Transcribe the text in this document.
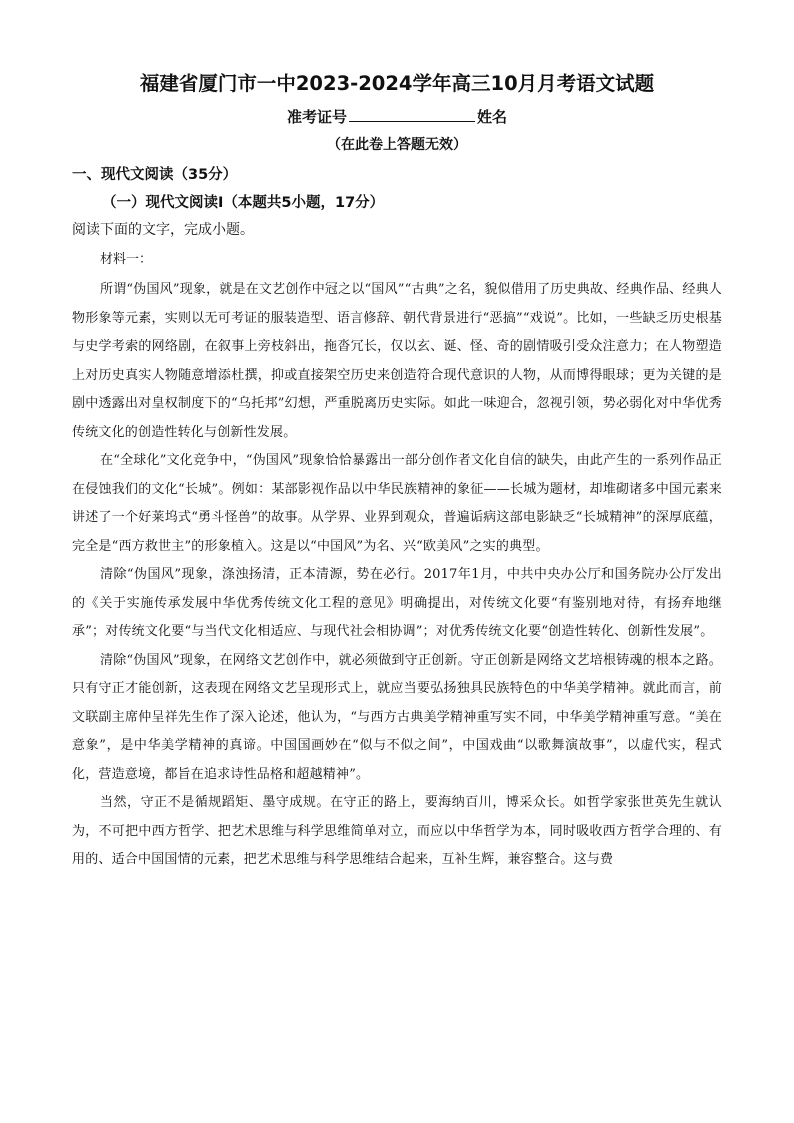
福建省厦门市一中2023-2024学年高三10月月考语文试题
准考证号	姓名
（在此卷上答题无效）
一、现代文阅读（35分）
（一）现代文阅读I（本题共5小题，17分）
阅读下面的文字，完成小题。
材料一：

所谓“伪国风”现象，就是在文艺创作中冠之以“国风”“古典”之名，貌似借用了历史典故、经典作品、经典人物形象等元素，实则以无可考证的服装造型、语言修辞、朝代背景进行“恶搞”“戏说”。比如，一些缺乏历史根基与史学考索的网络剧，在叙事上旁枝斜出，拖沓冗长，仅以玄、诞、怪、奇的剧情吸引受众注意力；在人物塑造上对历史真实人物随意增添杜撰，抑或直接架空历史来创造符合现代意识的人物，从而博得眼球；更为关键的是剧中透露出对皇权制度下的“乌托邦”幻想，严重脱离历史实际。如此一味迎合，忽视引领，势必弱化对中华优秀传统文化的创造性转化与创新性发展。

在“全球化”文化竞争中，“伪国风”现象恰恰暴露出一部分创作者文化自信的缺失，由此产生的一系列作品正在侵蚀我们的文化“长城”。例如：某部影视作品以中华民族精神的象征——长城为题材，却堆砌诸多中国元素来讲述了一个好莱坞式“勇斗怪兽”的故事。从学界、业界到观众，普遍诟病这部电影缺乏“长城精神”的深厚底蕴，完全是“西方救世主”的形象植入。这是以“中国风”为名、兴“欧美风”之实的典型。

清除“伪国风”现象，涤浊扬清，正本清源，势在必行。2017年1月，中共中央办公厅和国务院办公厅发出的《关于实施传承发展中华优秀传统文化工程的意见》明确提出，对传统文化要“有鉴别地对待，有扬弃地继承”；对传统文化要“与当代文化相适应、与现代社会相协调”；对优秀传统文化要“创造性转化、创新性发展”。

清除“伪国风”现象，在网络文艺创作中，就必须做到守正创新。守正创新是网络文艺培根铸魂的根本之路。只有守正才能创新，这表现在网络文艺呈现形式上，就应当要弘扬独具民族特色的中华美学精神。就此而言，前文联副主席仲呈祥先生作了深入论述，他认为，“与西方古典美学精神重写实不同，中华美学精神重写意。“美在意象”，是中华美学精神的真谛。中国国画妙在“似与不似之间”，中国戏曲“以歌舞演故事”，以虚代实，程式化，营造意境，都旨在追求诗性品格和超越精神”。

当然，守正不是循规蹈矩、墨守成规。在守正的路上，要海纳百川，博采众长。如哲学家张世英先生就认为，不可把中西方哲学、把艺术思维与科学思维简单对立，而应以中华哲学为本，同时吸收西方哲学合理的、有用的、适合中国国情的元素，把艺术思维与科学思维结合起来，互补生辉，兼容整合。这与费
